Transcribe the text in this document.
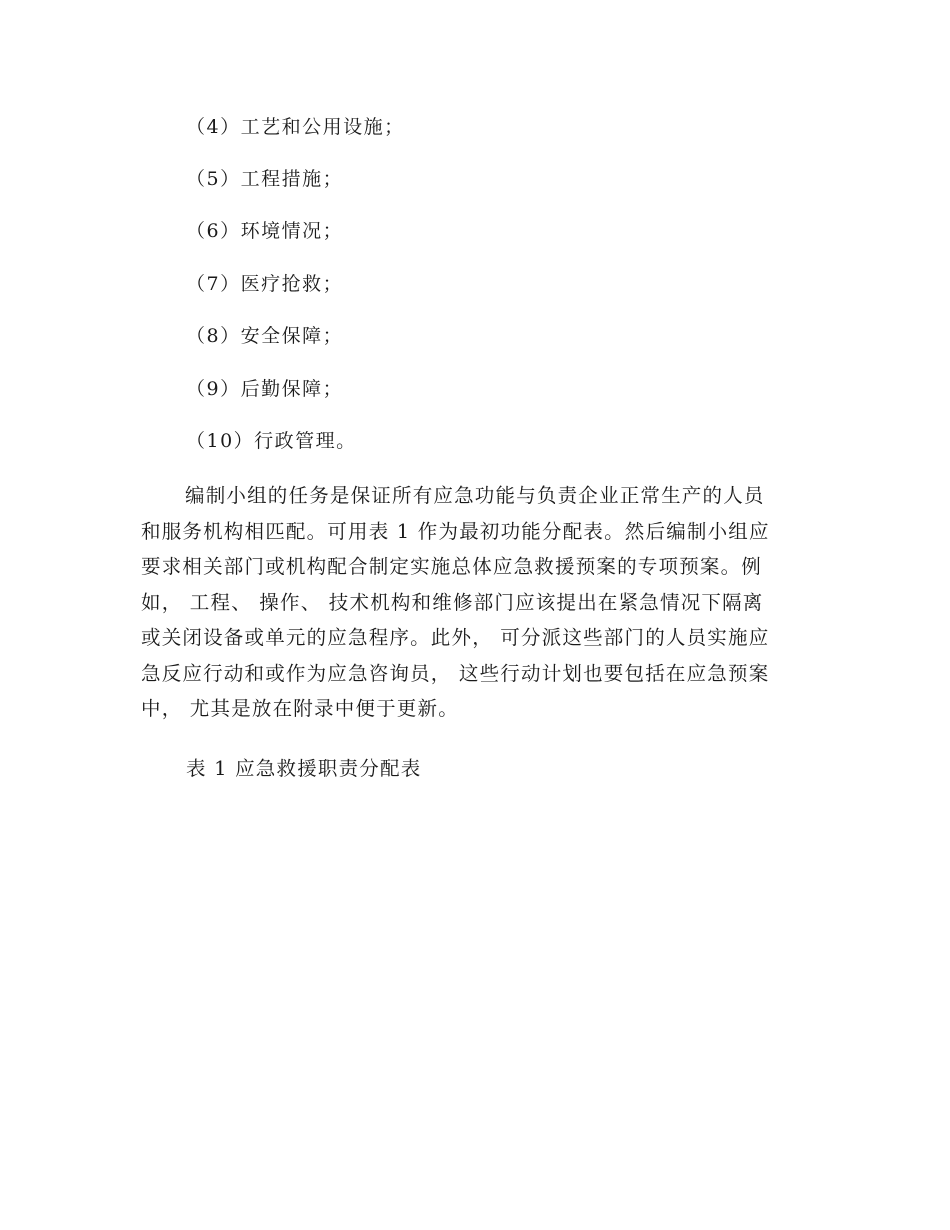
（4）工艺和公用设施；
（5）工程措施；
（6）环境情况；
（7）医疗抢救；
（8）安全保障；
（9）后勤保障；
（10）行政管理。
编制小组的任务是保证所有应急功能与负责企业正常生产的人员
和服务机构相匹配。可用表 1 作为最初功能分配表。然后编制小组应
要求相关部门或机构配合制定实施总体应急救援预案的专项预案。例
如， 工程、 操作、 技术机构和维修部门应该提出在紧急情况下隔离
或关闭设备或单元的应急程序。此外， 可分派这些部门的人员实施应
急反应行动和或作为应急咨询员， 这些行动计划也要包括在应急预案
中， 尤其是放在附录中便于更新。
表 1 应急救援职责分配表
